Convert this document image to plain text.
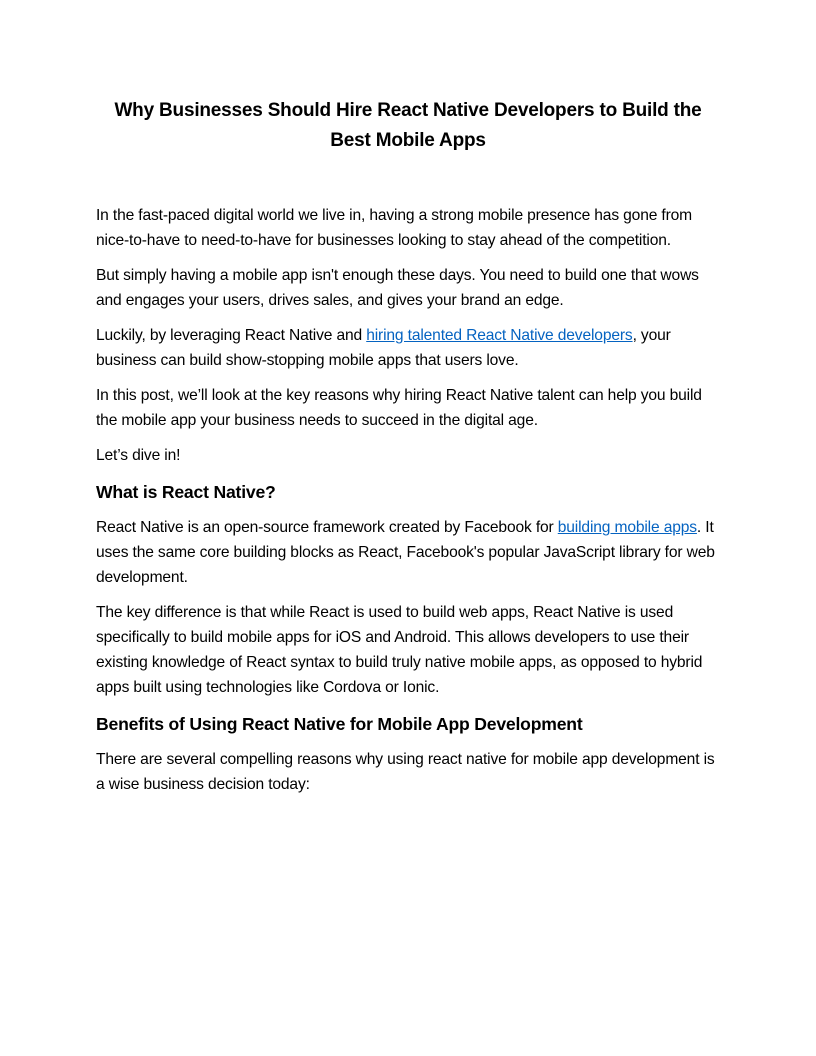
Why Businesses Should Hire React Native Developers to Build the Best Mobile Apps

In the fast-paced digital world we live in, having a strong mobile presence has gone from nice-to-have to need-to-have for businesses looking to stay ahead of the competition.

But simply having a mobile app isn't enough these days. You need to build one that wows and engages your users, drives sales, and gives your brand an edge.

Luckily, by leveraging React Native and hiring talented React Native developers, your business can build show-stopping mobile apps that users love.

In this post, we’ll look at the key reasons why hiring React Native talent can help you build the mobile app your business needs to succeed in the digital age.

Let’s dive in!

What is React Native?

React Native is an open-source framework created by Facebook for building mobile apps. It uses the same core building blocks as React, Facebook's popular JavaScript library for web development.

The key difference is that while React is used to build web apps, React Native is used specifically to build mobile apps for iOS and Android. This allows developers to use their existing knowledge of React syntax to build truly native mobile apps, as opposed to hybrid apps built using technologies like Cordova or Ionic.

Benefits of Using React Native for Mobile App Development

There are several compelling reasons why using react native for mobile app development is a wise business decision today:
